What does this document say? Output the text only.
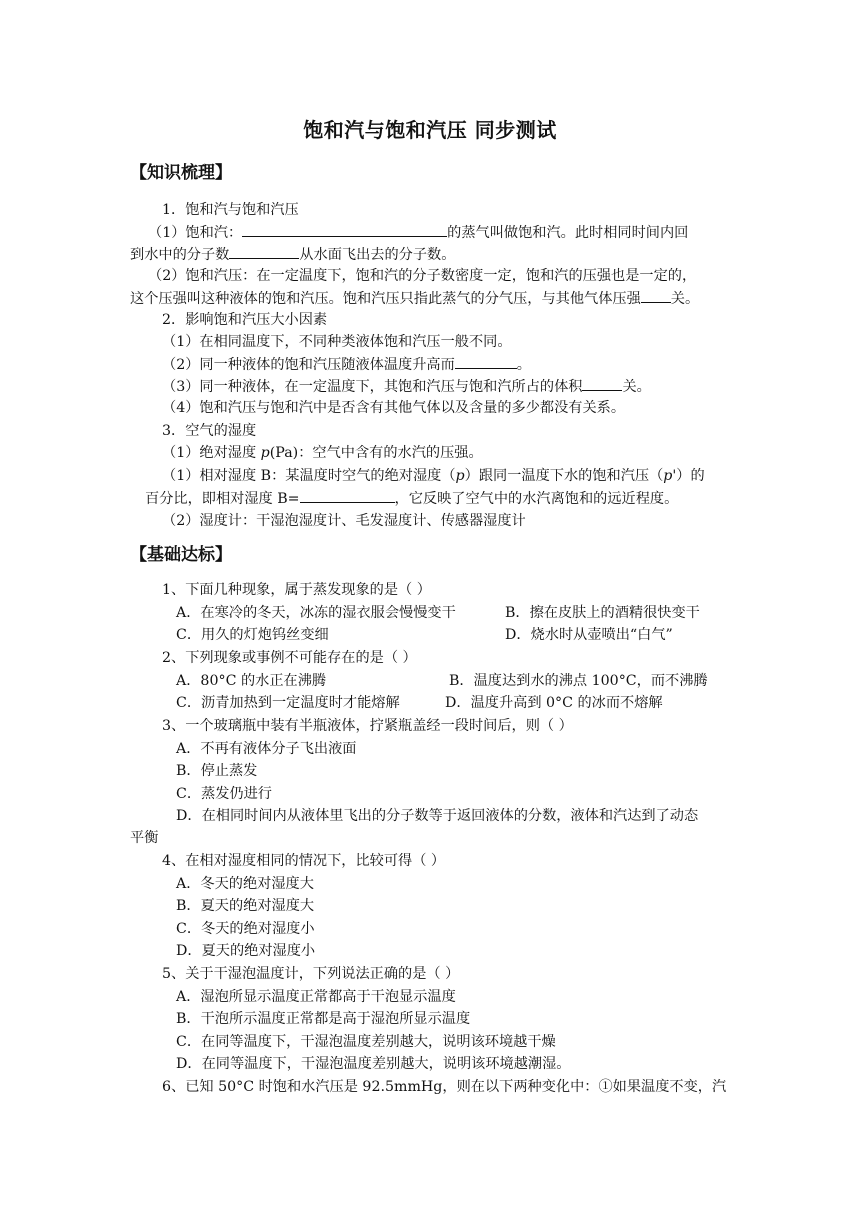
饱和汽与饱和汽压 同步测试
【知识梳理】
1．饱和汽与饱和汽压
（1）饱和汽：	的蒸气叫做饱和汽。此时相同时间内回
到水中的分子数	从水面飞出去的分子数。
（2）饱和汽压：在一定温度下，饱和汽的分子数密度一定，饱和汽的压强也是一定的，
这个压强叫这种液体的饱和汽压。饱和汽压只指此蒸气的分气压，与其他气体压强 关。
2．影响饱和汽压大小因素
（1）在相同温度下，不同种类液体饱和汽压一般不同。
（2）同一种液体的饱和汽压随液体温度升高而	。
（3）同一种液体，在一定温度下，其饱和汽压与饱和汽所占的体积	关。
（4）饱和汽压与饱和汽中是否含有其他气体以及含量的多少都没有关系。
3．空气的湿度
（1）绝对湿度 p(Pa)：空气中含有的水汽的压强。
（1）相对湿度 B：某温度时空气的绝对湿度（p）跟同一温度下水的饱和汽压（p'）的
百分比，即相对湿度 B=	，它反映了空气中的水汽离饱和的远近程度。
（2）湿度计：干湿泡湿度计、毛发湿度计、传感器湿度计
【基础达标】
1、下面几种现象，属于蒸发现象的是（ ）
A．在寒冷的冬天，冰冻的湿衣服会慢慢变干	B．擦在皮肤上的酒精很快变干
C．用久的灯炮钨丝变细	D．烧水时从壶喷出“白气”
2、下列现象或事例不可能存在的是（ ）
A．80°C 的水正在沸腾	B．温度达到水的沸点 100°C，而不沸腾
C．沥青加热到一定温度时才能熔解	D．温度升高到 0°C 的冰而不熔解
3、一个玻璃瓶中装有半瓶液体，拧紧瓶盖经一段时间后，则（ ）
A．不再有液体分子飞出液面
B．停止蒸发
C．蒸发仍进行
D．在相同时间内从液体里飞出的分子数等于返回液体的分数，液体和汽达到了动态
平衡
4、在相对湿度相同的情况下，比较可得（ ）
A．冬天的绝对湿度大
B．夏天的绝对湿度大
C．冬天的绝对湿度小
D．夏天的绝对湿度小
5、关于干湿泡温度计，下列说法正确的是（ ）
A．湿泡所显示温度正常都高于干泡显示温度
B．干泡所示温度正常都是高于湿泡所显示温度
C．在同等温度下，干湿泡温度差别越大，说明该环境越干燥
D．在同等温度下，干湿泡温度差别越大，说明该环境越潮湿。
6、已知 50°C 时饱和水汽压是 92.5mmHg，则在以下两种变化中：①如果温度不变，汽
